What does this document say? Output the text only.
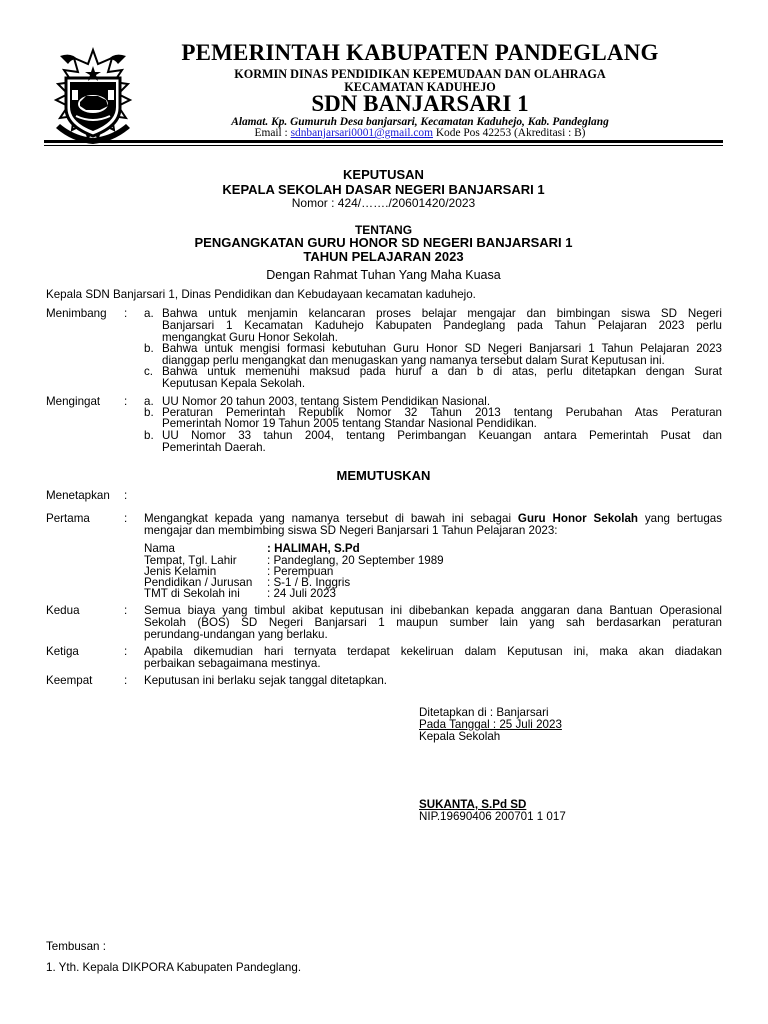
PEMERINTAH KABUPATEN PANDEGLANG
KORMIN DINAS PENDIDIKAN KEPEMUDAAN DAN OLAHRAGA
KECAMATAN KADUHEJO
SDN BANJARSARI 1
Alamat. Kp. Gumuruh Desa banjarsari, Kecamatan Kaduhejo, Kab. Pandeglang
Email : sdnbanjarsari0001@gmail.com Kode Pos 42253 (Akreditasi : B)
KEPUTUSAN
KEPALA SEKOLAH DASAR NEGERI BANJARSARI 1
Nomor : 424/……./20601420/2023
TENTANG
PENGANGKATAN GURU HONOR SD NEGERI BANJARSARI 1
TAHUN PELAJARAN 2023
Dengan Rahmat Tuhan Yang Maha Kuasa
Kepala SDN Banjarsari 1, Dinas Pendidikan dan Kebudayaan kecamatan kaduhejo.
Menimbang : a. Bahwa untuk menjamin kelancaran proses belajar mengajar dan bimbingan siswa SD Negeri
Banjarsari 1 Kecamatan Kaduhejo Kabupaten Pandeglang pada Tahun Pelajaran 2023 perlu
mengangkat Guru Honor Sekolah.
b. Bahwa untuk mengisi formasi kebutuhan Guru Honor SD Negeri Banjarsari 1 Tahun Pelajaran 2023
dianggap perlu mengangkat dan menugaskan yang namanya tersebut dalam Surat Keputusan ini.
c. Bahwa untuk memenuhi maksud pada huruf a dan b di atas, perlu ditetapkan dengan Surat
Keputusan Kepala Sekolah.
Mengingat : a. UU Nomor 20 tahun 2003, tentang Sistem Pendidikan Nasional.
b. Peraturan Pemerintah Republik Nomor 32 Tahun 2013 tentang Perubahan Atas Peraturan
Pemerintah Nomor 19 Tahun 2005 tentang Standar Nasional Pendidikan.
b. UU Nomor 33 tahun 2004, tentang Perimbangan Keuangan antara Pemerintah Pusat dan
Pemerintah Daerah.
MEMUTUSKAN
Menetapkan :
Pertama	: Mengangkat kepada yang namanya tersebut di bawah ini sebagai Guru Honor Sekolah yang bertugas
mengajar dan membimbing siswa SD Negeri Banjarsari 1 Tahun Pelajaran 2023:
Nama	: HALIMAH, S.Pd
Tempat, Tgl. Lahir	: Pandeglang, 20 September 1989
Jenis Kelamin	: Perempuan
Pendidikan / Jurusan : S-1 / B. Inggris
TMT di Sekolah ini : 24 Juli 2023
Kedua	: Semua biaya yang timbul akibat keputusan ini dibebankan kepada anggaran dana Bantuan Operasional
Sekolah (BOS) SD Negeri Banjarsari 1 maupun sumber lain yang sah berdasarkan peraturan
perundang-undangan yang berlaku.
Ketiga	: Apabila dikemudian hari ternyata terdapat kekeliruan dalam Keputusan ini, maka akan diadakan
perbaikan sebagaimana mestinya.
Keempat	: Keputusan ini berlaku sejak tanggal ditetapkan.
Ditetapkan di : Banjarsari
Pada Tanggal : 25 Juli 2023
Kepala Sekolah
SUKANTA, S.Pd SD
NIP.19690406 200701 1 017
Tembusan :
1. Yth. Kepala DIKPORA Kabupaten Pandeglang.
